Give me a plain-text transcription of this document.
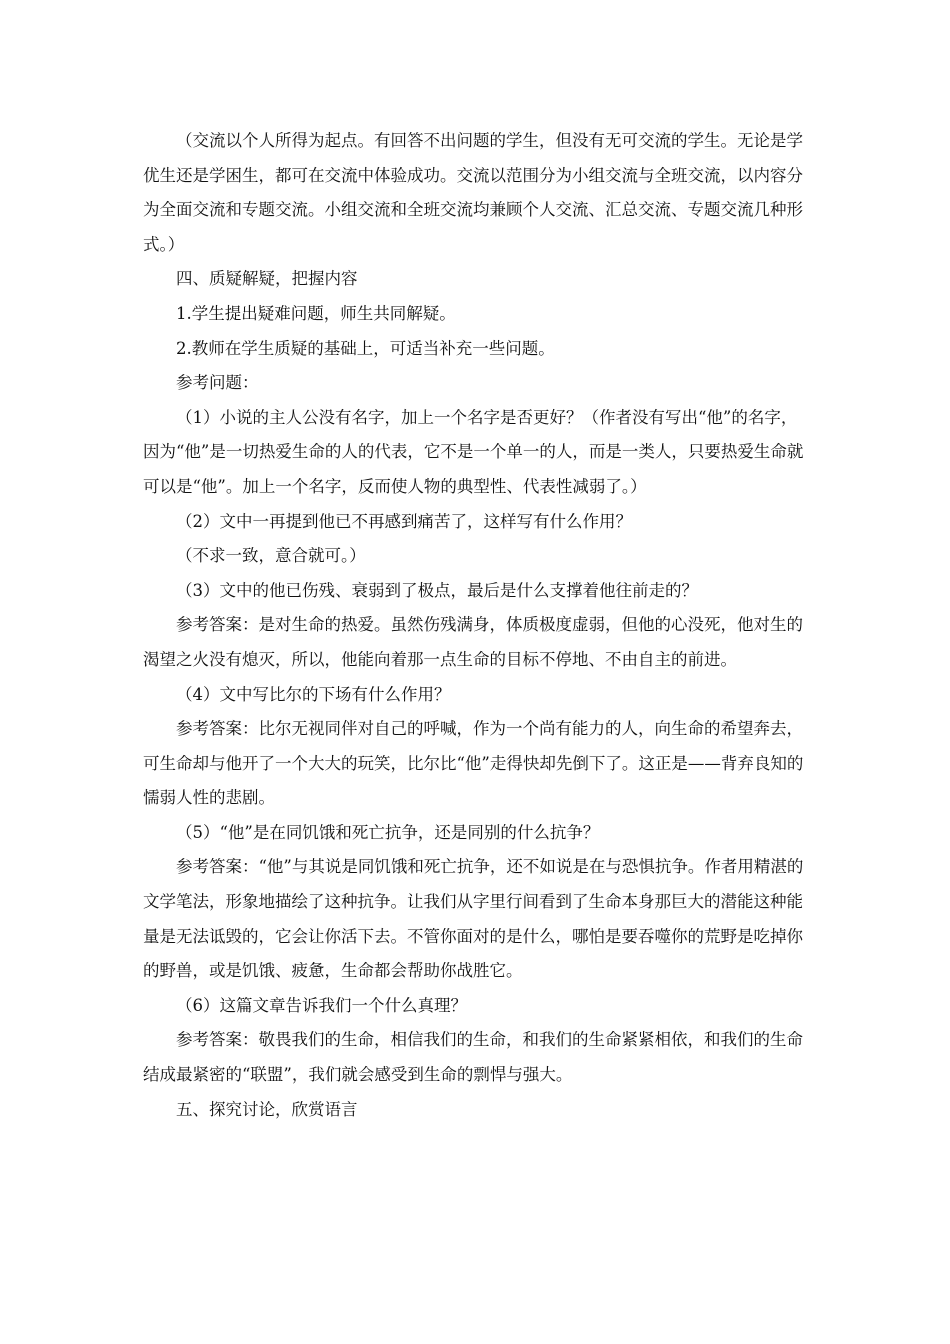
（交流以个人所得为起点。有回答不出问题的学生，但没有无可交流的学生。无论是学优生还是学困生，都可在交流中体验成功。交流以范围分为小组交流与全班交流，以内容分为全面交流和专题交流。小组交流和全班交流均兼顾个人交流、汇总交流、专题交流几种形式。）

四、质疑解疑，把握内容

1.学生提出疑难问题，师生共同解疑。

2.教师在学生质疑的基础上，可适当补充一些问题。

参考问题：

（1）小说的主人公没有名字，加上一个名字是否更好？（作者没有写出“他”的名字，因为“他”是一切热爱生命的人的代表，它不是一个单一的人，而是一类人，只要热爱生命就可以是“他”。加上一个名字，反而使人物的典型性、代表性减弱了。）

（2）文中一再提到他已不再感到痛苦了，这样写有什么作用？

（不求一致，意合就可。）

（3）文中的他已伤残、衰弱到了极点，最后是什么支撑着他往前走的？

参考答案：是对生命的热爱。虽然伤残满身，体质极度虚弱，但他的心没死，他对生的渴望之火没有熄灭，所以，他能向着那一点生命的目标不停地、不由自主的前进。

（4）文中写比尔的下场有什么作用？

参考答案：比尔无视同伴对自己的呼喊，作为一个尚有能力的人，向生命的希望奔去，可生命却与他开了一个大大的玩笑，比尔比“他”走得快却先倒下了。这正是——背弃良知的懦弱人性的悲剧。

（5）“他”是在同饥饿和死亡抗争，还是同别的什么抗争？

参考答案：“他”与其说是同饥饿和死亡抗争，还不如说是在与恐惧抗争。作者用精湛的文学笔法，形象地描绘了这种抗争。让我们从字里行间看到了生命本身那巨大的潜能这种能量是无法诋毁的，它会让你活下去。不管你面对的是什么，哪怕是要吞噬你的荒野是吃掉你的野兽，或是饥饿、疲惫，生命都会帮助你战胜它。

（6）这篇文章告诉我们一个什么真理？

参考答案：敬畏我们的生命，相信我们的生命，和我们的生命紧紧相依，和我们的生命结成最紧密的“联盟”，我们就会感受到生命的剽悍与强大。

五、探究讨论，欣赏语言
